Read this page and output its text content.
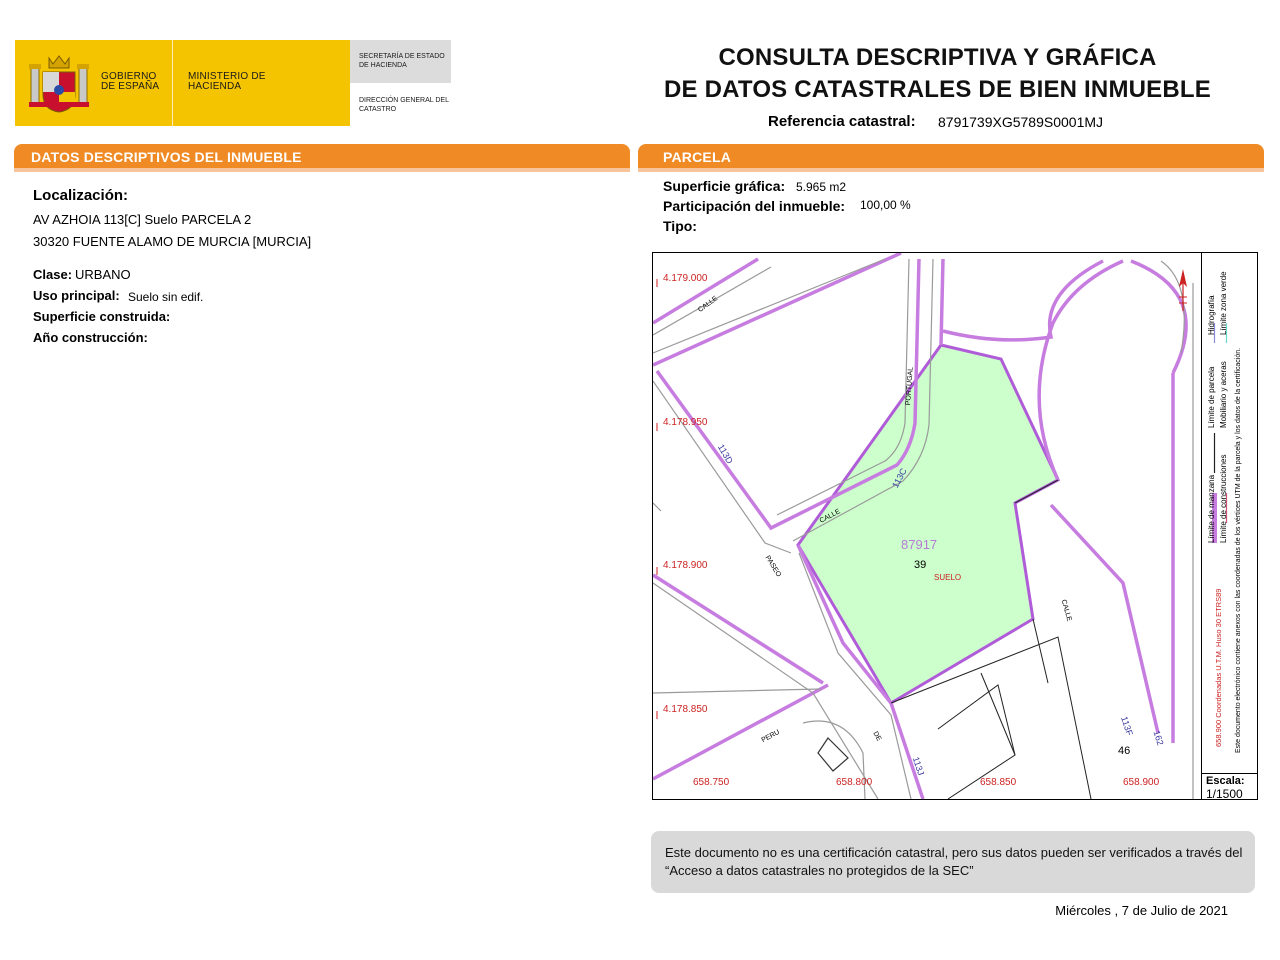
GOBIERNO DE ESPAÑA
MINISTERIO DE HACIENDA
SECRETARÍA DE ESTADO DE HACIENDA
DIRECCIÓN GENERAL DEL CATASTRO
CONSULTA DESCRIPTIVA Y GRÁFICA
DE DATOS CATASTRALES DE BIEN INMUEBLE
Referencia catastral: 8791739XG5789S0001MJ
DATOS DESCRIPTIVOS DEL INMUEBLE	PARCELA
Localización:
AV AZHOIA 113[C] Suelo PARCELA 2
30320 FUENTE ALAMO DE MURCIA [MURCIA]
Clase: URBANO
Uso principal: Suelo sin edif.
Superficie construida:
Año construcción:
Superficie gráfica: 5.965 m2
Participación del inmueble: 100,00 %
Tipo:
4.179.000
4.178.950
4.178.900
4.178.850
658.750	658.800	658.850	658.900
87917
39
SUELO
46
CALLE
PORTUGAL
CALLE
PASEO
CALLE
PERU	DE
113D
113C
113J
113F
162
Límite de manzana Límite de construcciones
Límite de parcela Mobiliario y aceras
Hidrografía Límite zona verde
658.900 Coordenadas U.T.M. Huso 30 ETRS89 Este documento electrónico contiene anexos con las coordenadas de los vértices UTM de la parcela y los datos de la certificación.
Escala:
1/1500
Este documento no es una certificación catastral, pero sus datos pueden ser verificados a través del “Acceso a datos catastrales no protegidos de la SEC”
Miércoles , 7 de Julio de 2021
